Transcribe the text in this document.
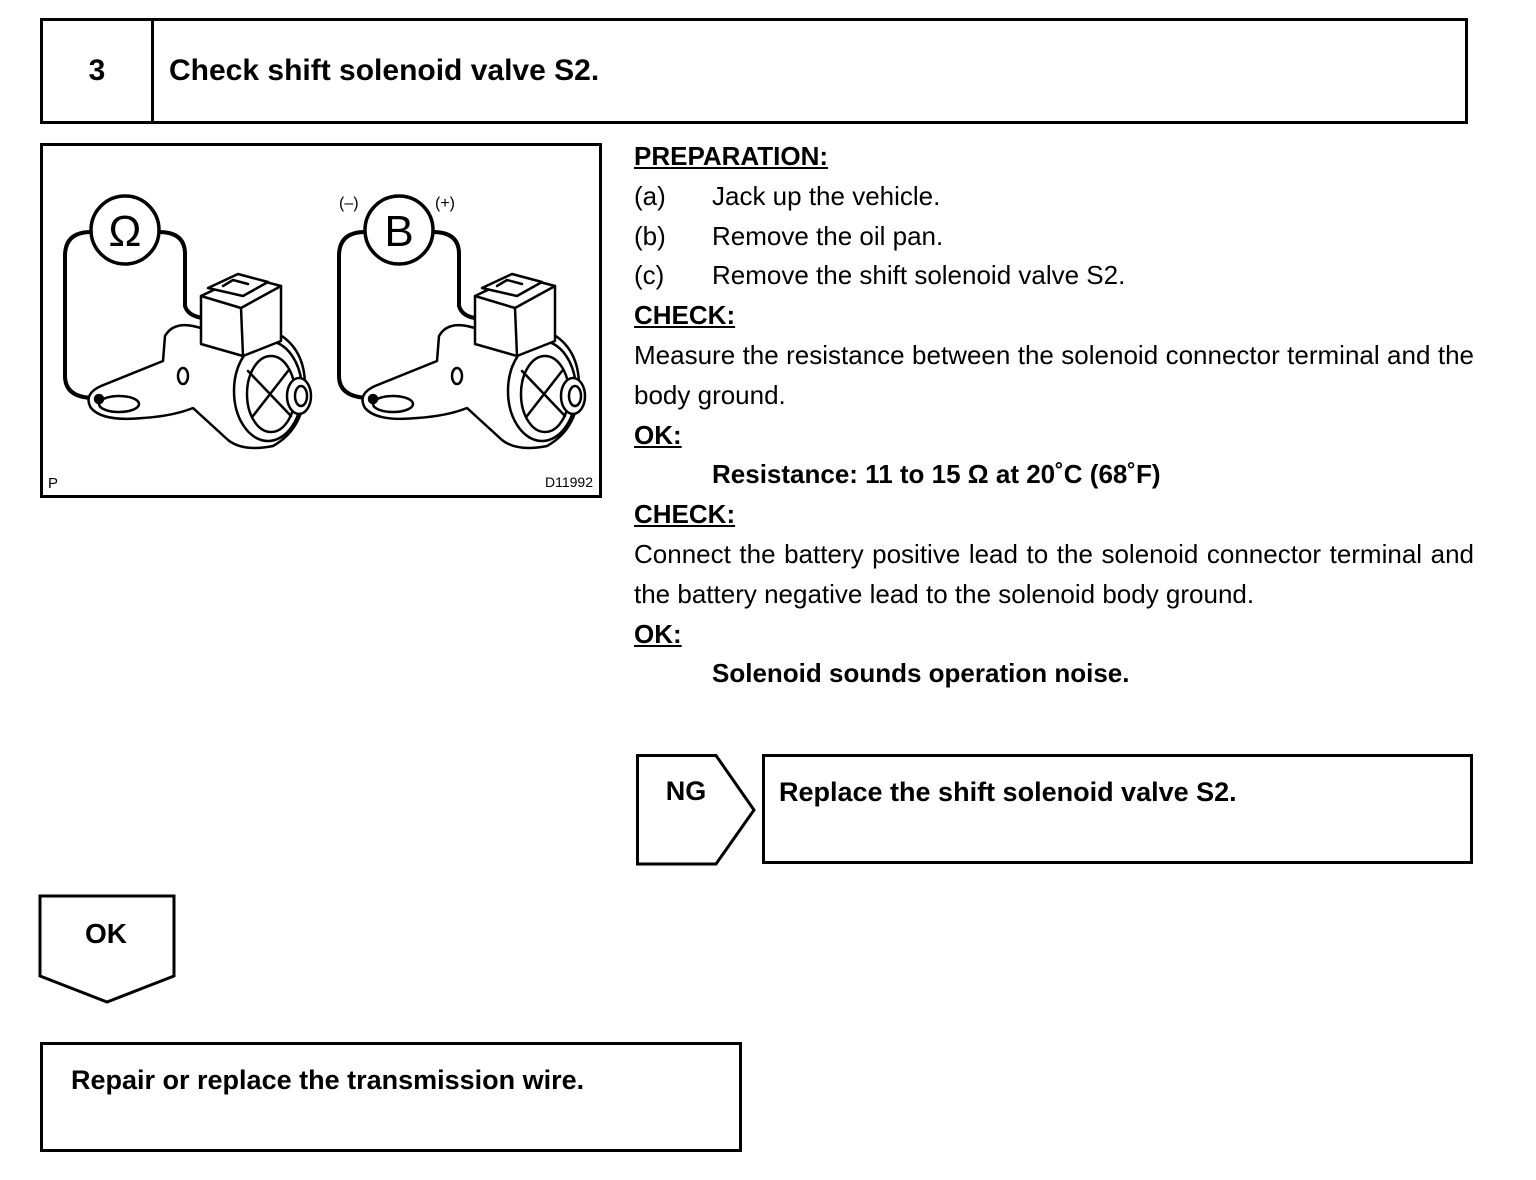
3	Check shift solenoid valve S2.
Ω	B
(–)	(+)
P	D11992
PREPARATION:
(a)	Jack up the vehicle.
(b)	Remove the oil pan.
(c)	Remove the shift solenoid valve S2.
CHECK:
Measure the resistance between the solenoid connector terminal and the body ground.
OK:
Resistance: 11 to 15 Ω at 20˚C (68˚F)
CHECK:
Connect the battery positive lead to the solenoid connector terminal and the battery negative lead to the solenoid body ground.
OK:
Solenoid sounds operation noise.
NG	Replace the shift solenoid valve S2.
OK
Repair or replace the transmission wire.
